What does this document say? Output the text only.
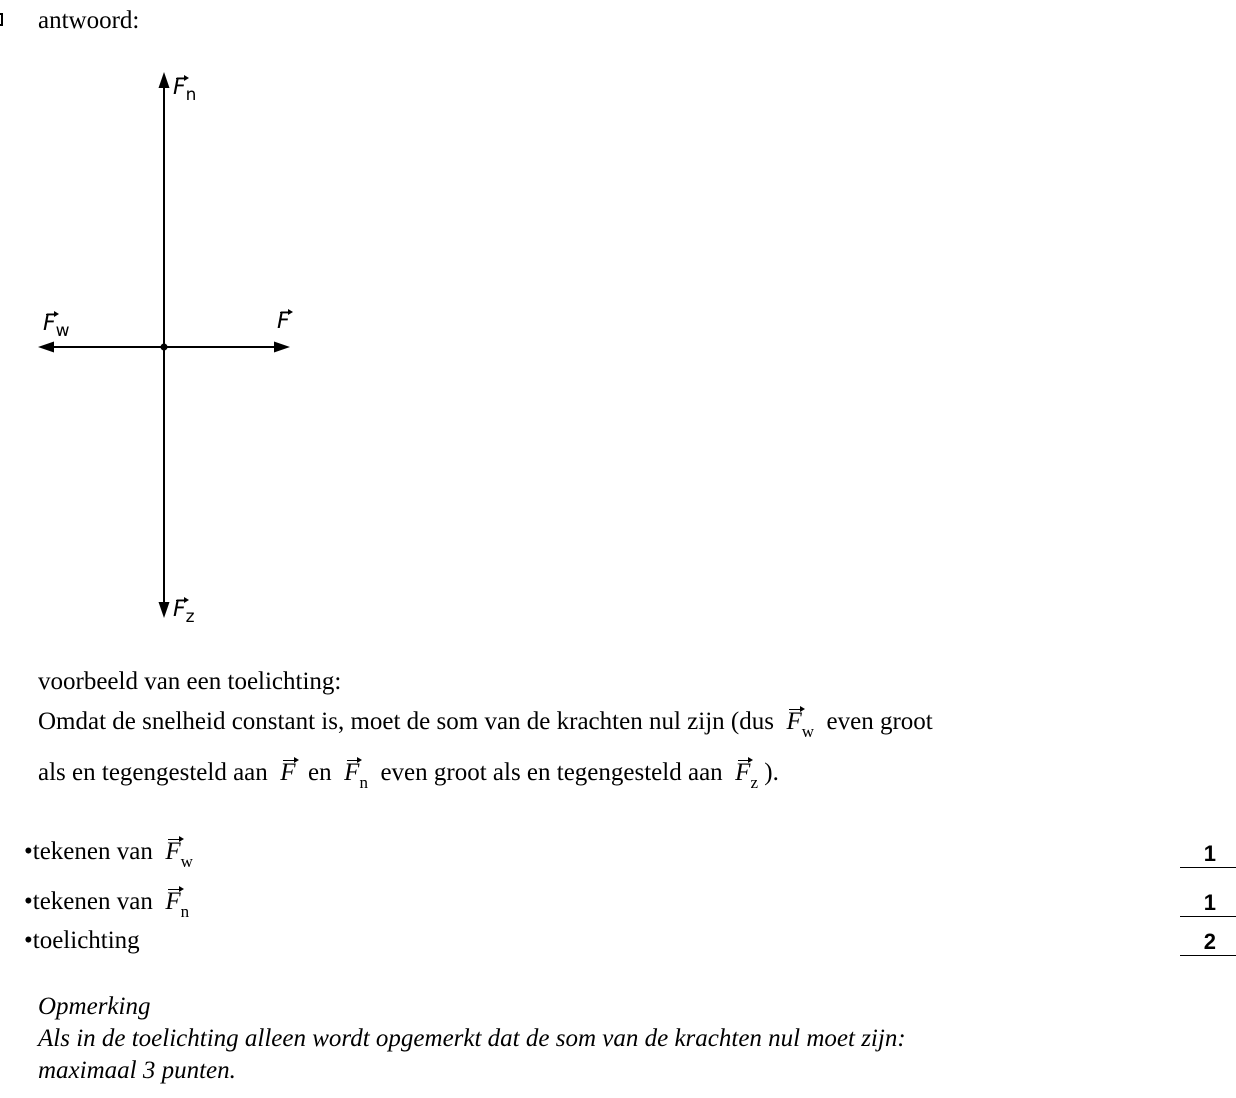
antwoord:
$F_n$
$F_w$	F
$F_z$
voorbeeld van een toelichting:
Omdat de snelheid constant is, moet de som van de krachten nul zijn (dus $F_w$ even groot
als en tegengesteld aan F en $F_n$ even groot als en tegengesteld aan $F_z$ ).
•tekenen van $F_w$	1
•tekenen van $F_n$	1
•toelichting	2
Opmerking
Als in de toelichting alleen wordt opgemerkt dat de som van de krachten nul moet zijn:
maximaal 3 punten.
